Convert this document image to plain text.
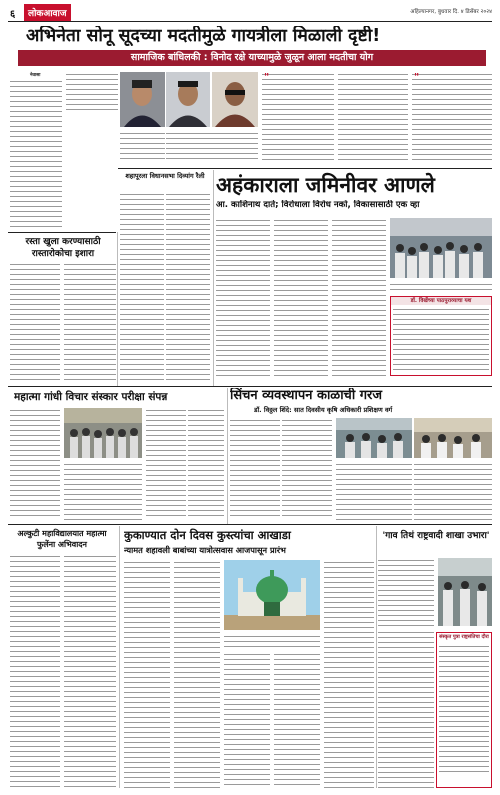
६	लोकआवाज	अहिल्यानगर, बुधवार दि. ४ डिसेंबर २०२४
अभिनेता सोनू सूदच्या मदतीमुळे गायत्रीला मिळाली दृष्टी!
सामाजिक बांधिलकी : विनोद रक्षे याच्यामुळे जुळून आला मदतीचा योग
नेवासा	"	"
रस्ता खुला करण्यासाठी रास्तारोकोचा इशारा
शहापूरला विधानसभा दिव्यांग रैली अहंकाराला जमिनीवर आणले
आ. काशिनाथ दाते; विरोधाला विरोध नको, विकासासाठी एक व्हा
डॉ. विखेंच्या पाठपुराव्याचा यश
महात्मा गांधी विचार संस्कार परीक्षा संपन्न	सिंचन व्यवस्थापन काळाची गरज
डॉ. विठ्ठल शिंदे: सात दिवसीय कृषि अधिकारी प्रशिक्षण वर्ग
अल्कुटी महाविद्यालयात महात्मा फुलेंना अभिवादन
कुकाण्यात दोन दिवस कुस्त्यांचा आखाडा
न्यामत शहावली बाबांच्या यात्रोत्सवास आजपासून प्रारंभ
'गाव तिथं राष्ट्रवादी शाखा उभारा'
संस्कृत पुत्रा राष्ट्रसंतिचा दौरा
